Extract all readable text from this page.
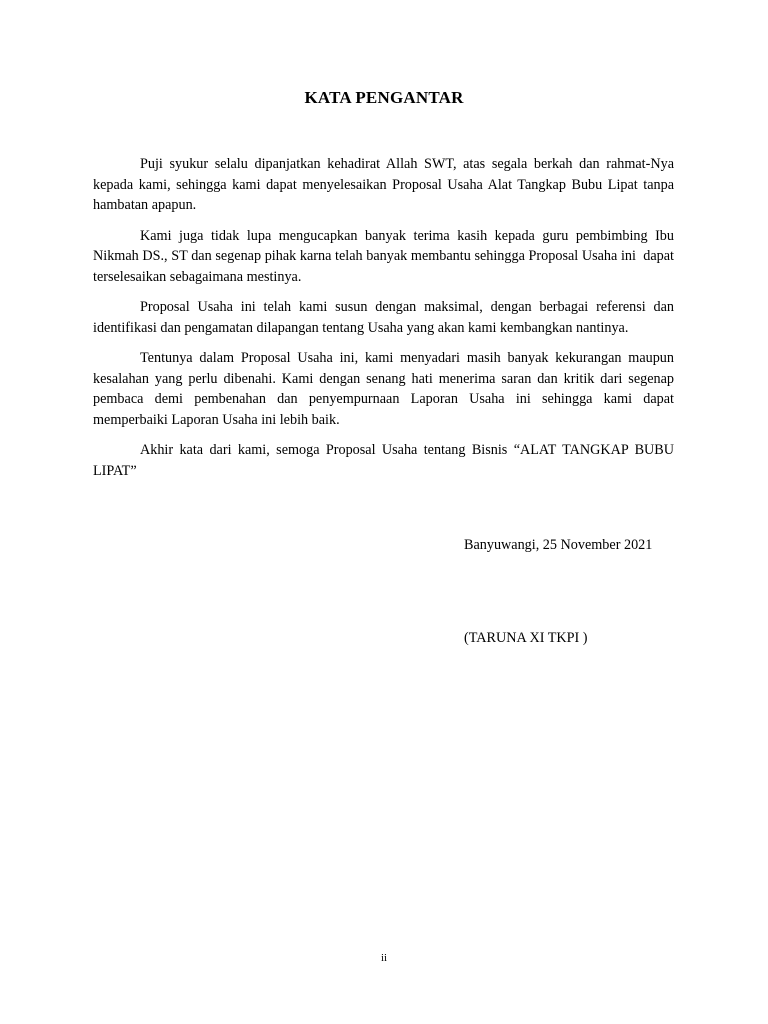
KATA PENGANTAR

Puji syukur selalu dipanjatkan kehadirat Allah SWT, atas segala berkah dan rahmat-Nya kepada kami, sehingga kami dapat menyelesaikan Proposal Usaha Alat Tangkap Bubu Lipat tanpa hambatan apapun.

Kami juga tidak lupa mengucapkan banyak terima kasih kepada guru pembimbing Ibu Nikmah DS., ST dan segenap pihak karna telah banyak membantu sehingga Proposal Usaha ini  dapat terselesaikan sebagaimana mestinya.

Proposal Usaha ini telah kami susun dengan maksimal, dengan berbagai referensi dan identifikasi dan pengamatan dilapangan tentang Usaha yang akan kami kembangkan nantinya.

Tentunya dalam Proposal Usaha ini, kami menyadari masih banyak kekurangan maupun kesalahan yang perlu dibenahi. Kami dengan senang hati menerima saran dan kritik dari segenap pembaca demi pembenahan dan penyempurnaan Laporan Usaha ini sehingga kami dapat memperbaiki Laporan Usaha ini lebih baik.

Akhir kata dari kami, semoga Proposal Usaha tentang Bisnis “ALAT TANGKAP BUBU LIPAT”

Banyuwangi, 25 November 2021
(TARUNA XI TKPI )
ii
